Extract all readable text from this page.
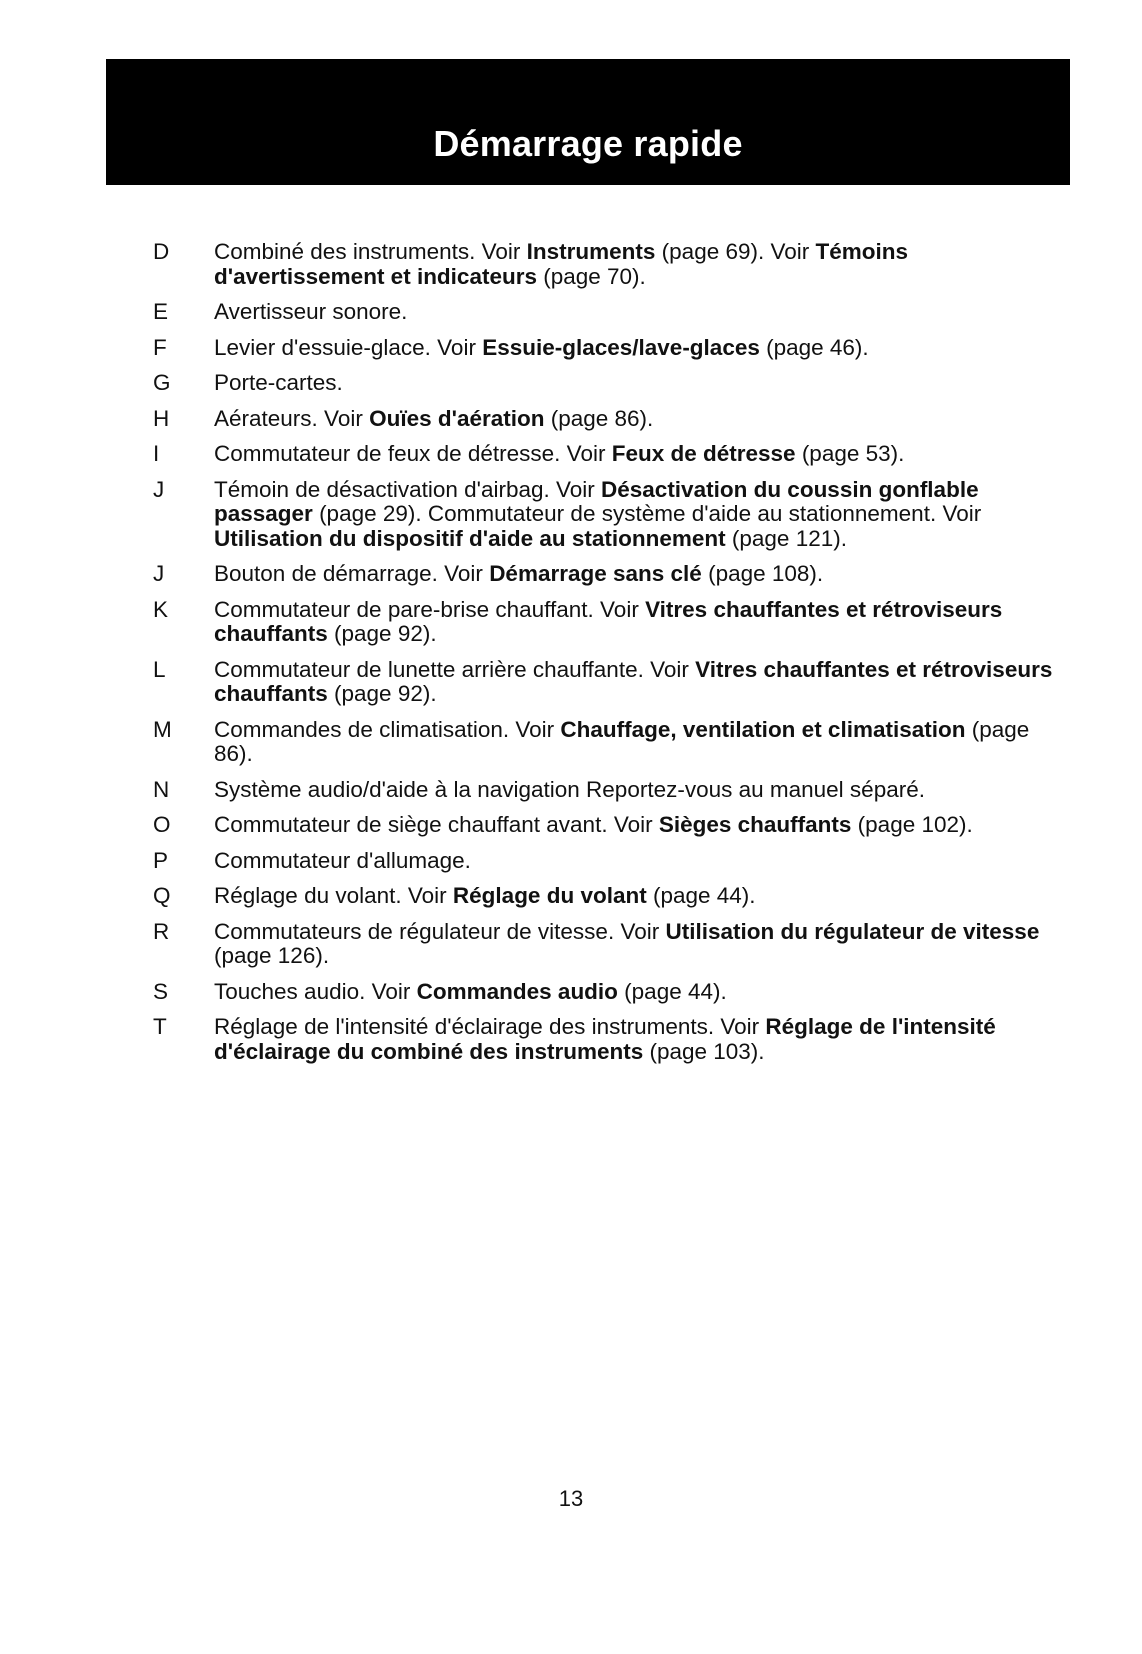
Démarrage rapide
D	Combiné des instruments. Voir Instruments (page 69). Voir Témoins d'avertissement et indicateurs (page 70).
E	Avertisseur sonore.
F	Levier d'essuie-glace. Voir Essuie-glaces/lave-glaces (page 46).
G	Porte-cartes.
H	Aérateurs. Voir Ouïes d'aération (page 86).
I	Commutateur de feux de détresse. Voir Feux de détresse (page 53).
J	Témoin de désactivation d'airbag. Voir Désactivation du coussin gonflable passager (page 29). Commutateur de système d'aide au stationnement. Voir Utilisation du dispositif d'aide au stationnement (page 121).
J	Bouton de démarrage. Voir Démarrage sans clé (page 108).
K	Commutateur de pare-brise chauffant. Voir Vitres chauffantes et rétroviseurs chauffants (page 92).
L	Commutateur de lunette arrière chauffante. Voir Vitres chauffantes et rétroviseurs chauffants (page 92).
M	Commandes de climatisation. Voir Chauffage, ventilation et climatisation (page 86).
N	Système audio/d'aide à la navigation Reportez-vous au manuel séparé.
O	Commutateur de siège chauffant avant. Voir Sièges chauffants (page 102).
P	Commutateur d'allumage.
Q	Réglage du volant. Voir Réglage du volant (page 44).
R	Commutateurs de régulateur de vitesse. Voir Utilisation du régulateur de vitesse (page 126).
S	Touches audio. Voir Commandes audio (page 44).
T	Réglage de l'intensité d'éclairage des instruments. Voir Réglage de l'intensité d'éclairage du combiné des instruments (page 103).
13
